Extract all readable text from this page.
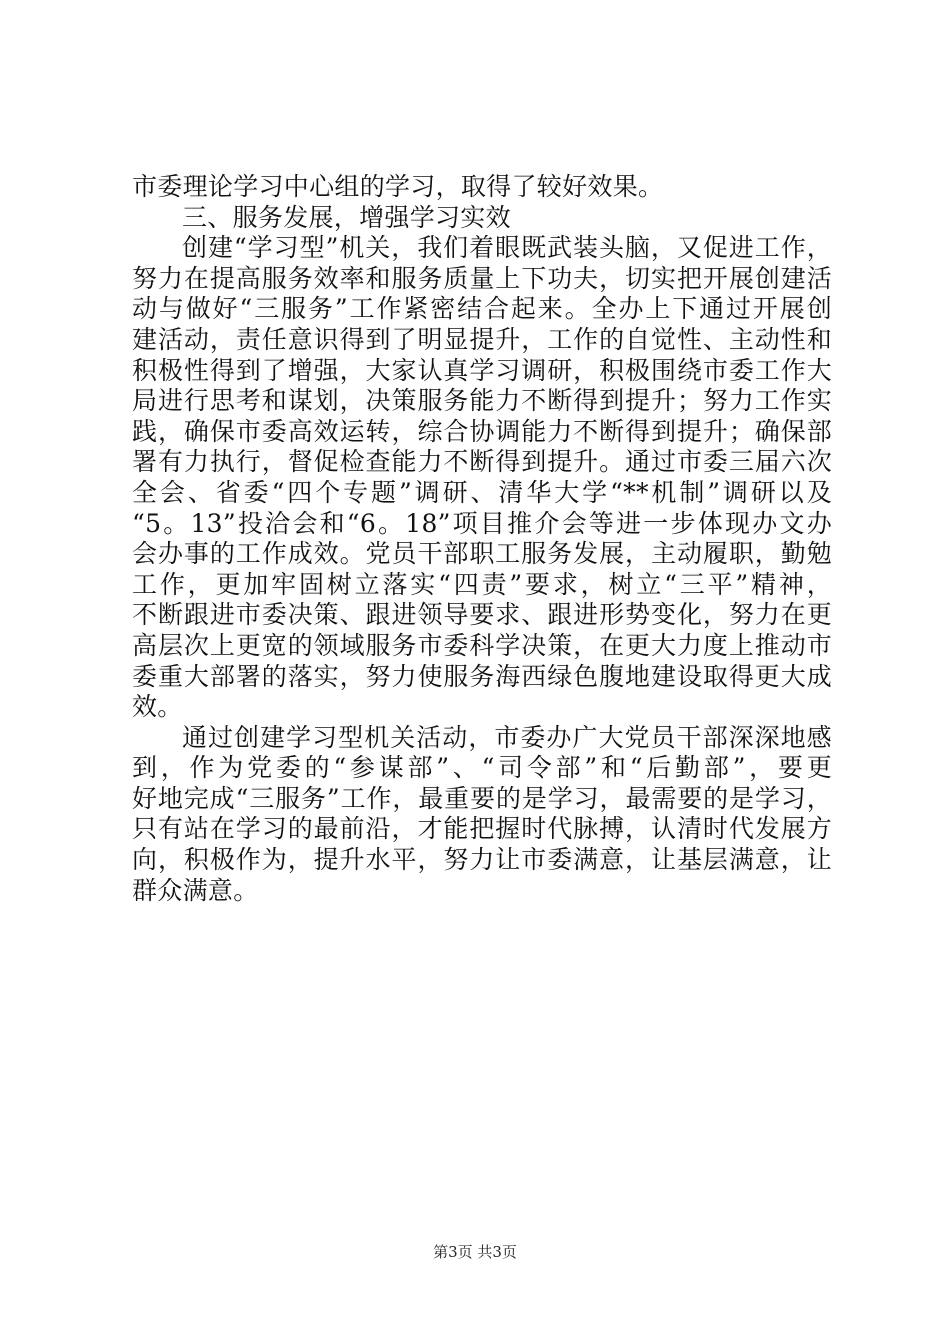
市委理论学习中心组的学习，取得了较好效果。
三、服务发展，增强学习实效
创建“学习型”机关，我们着眼既武装头脑，又促进工作，
努力在提高服务效率和服务质量上下功夫，切实把开展创建活
动与做好“三服务”工作紧密结合起来。全办上下通过开展创
建活动，责任意识得到了明显提升，工作的自觉性、主动性和
积极性得到了增强，大家认真学习调研，积极围绕市委工作大
局进行思考和谋划，决策服务能力不断得到提升；努力工作实
践，确保市委高效运转，综合协调能力不断得到提升；确保部
署有力执行，督促检查能力不断得到提升。通过市委三届六次
全会、省委“四个专题”调研、清华大学“**机制”调研以及
“5。13”投洽会和“6。18”项目推介会等进一步体现办文办
会办事的工作成效。党员干部职工服务发展，主动履职，勤勉
工作，更加牢固树立落实“四责”要求，树立“三平”精神，
不断跟进市委决策、跟进领导要求、跟进形势变化，努力在更
高层次上更宽的领域服务市委科学决策，在更大力度上推动市
委重大部署的落实，努力使服务海西绿色腹地建设取得更大成
效。
通过创建学习型机关活动，市委办广大党员干部深深地感
到，作为党委的“参谋部”、“司令部”和“后勤部”，要更
好地完成“三服务”工作，最重要的是学习，最需要的是学习，
只有站在学习的最前沿，才能把握时代脉搏，认清时代发展方
向，积极作为，提升水平，努力让市委满意，让基层满意，让
群众满意。
第3页 共3页
